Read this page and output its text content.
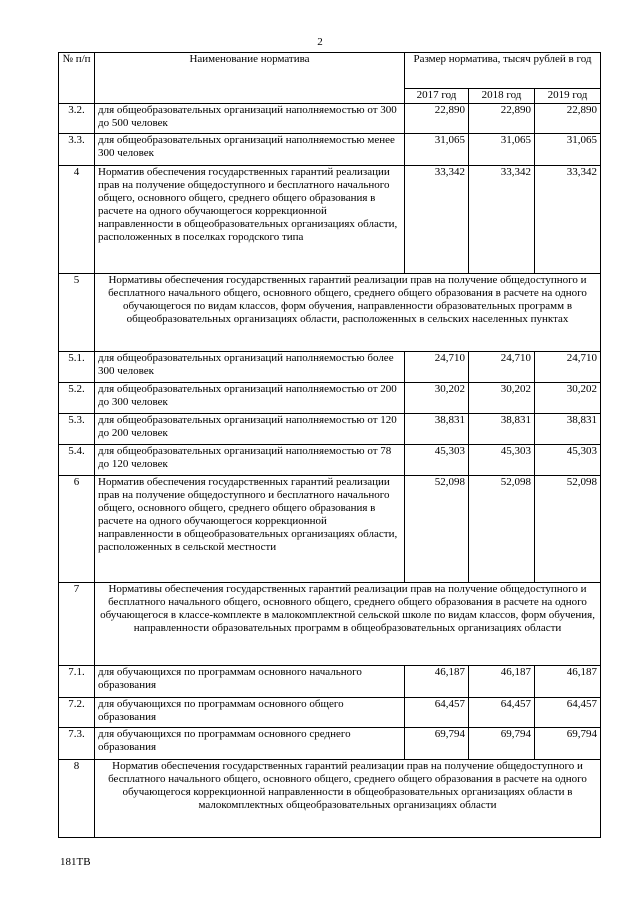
2
№ п/п	Наименование норматива	Размер норматива, тысяч рублей в год		
		2017 год	2018 год	2019 год
3.2.	для общеобразовательных организаций наполняемостью от 300 до 500 человек	22,890	22,890	22,890
3.3.	для общеобразовательных организаций наполняемостью менее 300 человек	31,065	31,065	31,065
4	Норматив обеспечения государственных гарантий реализации прав на получение общедоступного и бесплатного начального общего, основного общего, среднего общего образования в расчете на одного обучающегося коррекционной направленности в общеобразовательных организациях области, расположенных в поселках городского типа	33,342	33,342	33,342
5	Нормативы обеспечения государственных гарантий реализации прав на получение общедоступного и бесплатного начального общего, основного общего, среднего общего образования в расчете на одного обучающегося по видам классов, форм обучения, направленности образовательных программ в общеобразовательных организациях области, расположенных в сельских населенных пунктах			
5.1.	для общеобразовательных организаций наполняемостью более 300 человек	24,710	24,710	24,710
5.2.	для общеобразовательных организаций наполняемостью от 200 до 300 человек	30,202	30,202	30,202
5.3.	для общеобразовательных организаций наполняемостью от 120 до 200 человек	38,831	38,831	38,831
5.4.	для общеобразовательных организаций наполняемостью от 78 до 120 человек	45,303	45,303	45,303
6	Норматив обеспечения государственных гарантий реализации прав на получение общедоступного и бесплатного начального общего, основного общего, среднего общего образования в расчете на одного обучающегося коррекционной направленности в общеобразовательных организациях области, расположенных в сельской местности	52,098	52,098	52,098
7	Нормативы обеспечения государственных гарантий реализации прав на получение общедоступного и бесплатного начального общего, основного общего, среднего общего образования в расчете на одного обучающегося в классе-комплекте в малокомплектной сельской школе по видам классов, форм обучения, направленности образовательных программ в общеобразовательных организациях области			
7.1.	для обучающихся по программам основного начального образования	46,187	46,187	46,187
7.2.	для обучающихся по программам основного общего образования	64,457	64,457	64,457
7.3.	для обучающихся по программам основного среднего образования	69,794	69,794	69,794
8	Норматив обеспечения государственных гарантий реализации прав на получение общедоступного и бесплатного начального общего, основного общего, среднего общего образования в расчете на одного обучающегося коррекционной направленности в общеобразовательных организациях области в малокомплектных общеобразовательных организациях области			
181ТВ
